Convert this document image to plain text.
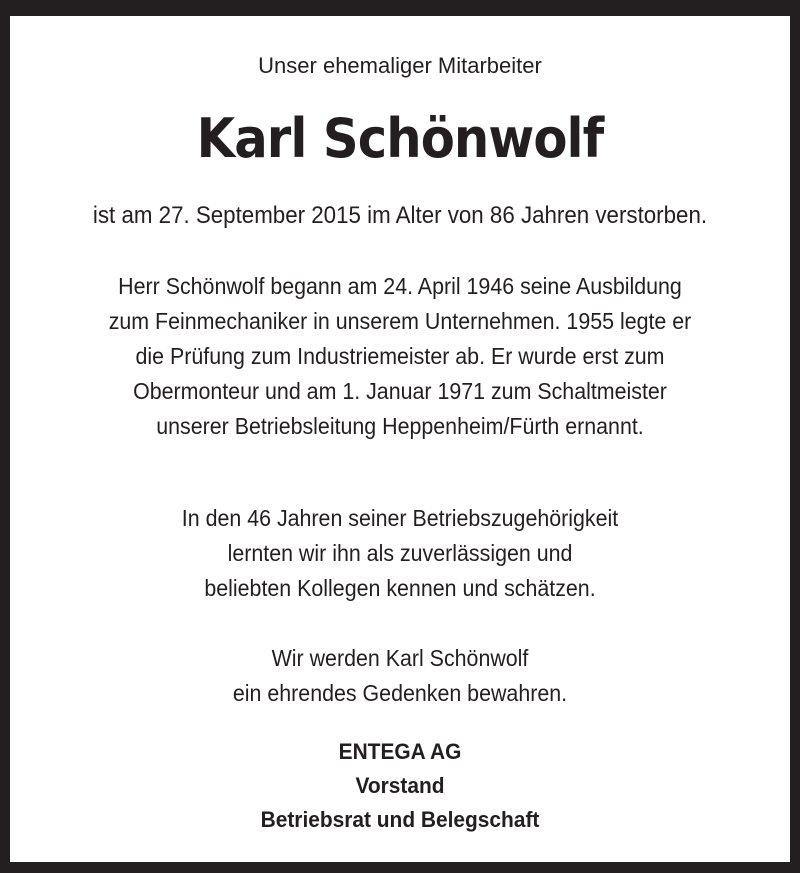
Unser ehemaliger Mitarbeiter
Karl Schönwolf
ist am 27. September 2015 im Alter von 86 Jahren verstorben.
Herr Schönwolf begann am 24. April 1946 seine Ausbildung
zum Feinmechaniker in unserem Unternehmen. 1955 legte er
die Prüfung zum Industriemeister ab. Er wurde erst zum
Obermonteur und am 1. Januar 1971 zum Schaltmeister
unserer Betriebsleitung Heppenheim/Fürth ernannt.
In den 46 Jahren seiner Betriebszugehörigkeit
lernten wir ihn als zuverlässigen und
beliebten Kollegen kennen und schätzen.
Wir werden Karl Schönwolf
ein ehrendes Gedenken bewahren.
ENTEGA AG
Vorstand
Betriebsrat und Belegschaft
